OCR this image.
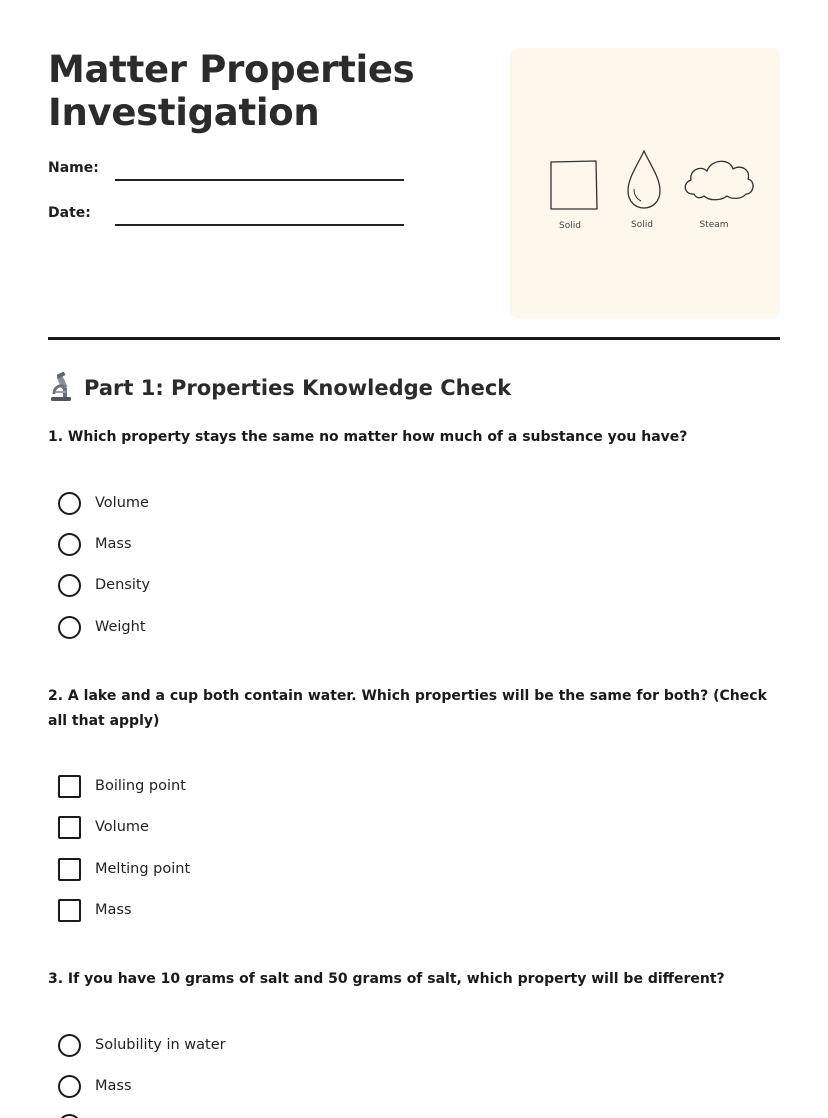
Matter Properties
Investigation
Name:
Date:
Solid	Solid	Steam
Part 1: Properties Knowledge Check

1. Which property stays the same no matter how much of a substance you have?

Volume
Mass
Density
Weight

2. A lake and a cup both contain water. Which properties will be the same for both? (Check all that apply)

Boiling point
Volume
Melting point
Mass

3. If you have 10 grams of salt and 50 grams of salt, which property will be different?

Solubility in water
Mass
